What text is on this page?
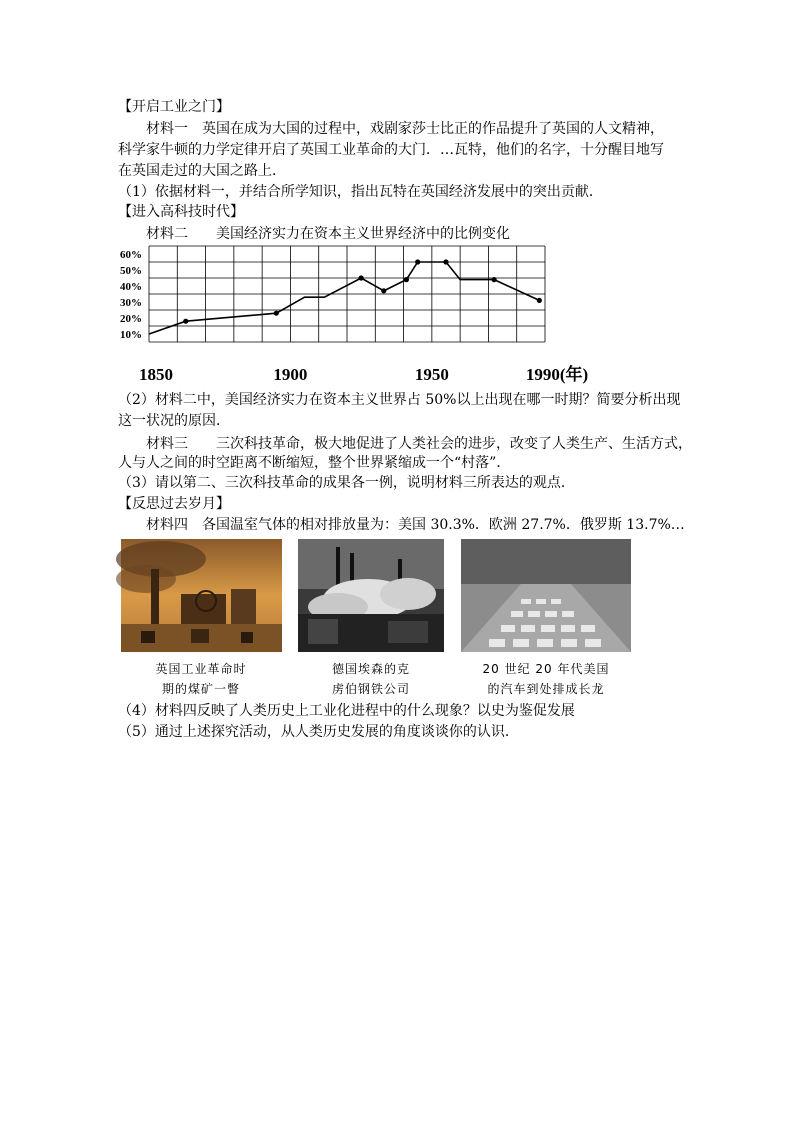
【开启工业之门】
材料一　英国在成为大国的过程中，戏剧家莎士比正的作品提升了英国的人文精神，
科学家牛顿的力学定律开启了英国工业革命的大门．…瓦特，他们的名字，十分醒目地写
在英国走过的大国之路上．
（1）依据材料一，并结合所学知识，指出瓦特在英国经济发展中的突出贡献．
【进入高科技时代】
材料二　　美国经济实力在资本主义世界经济中的比例变化
10%
20%
30%
40%
50%
60%
1850	1900	1950	1990(年)
（2）材料二中，美国经济实力在资本主义世界占 50%以上出现在哪一时期？简要分析出现
这一状况的原因．
材料三　　三次科技革命，极大地促进了人类社会的进步，改变了人类生产、生活方式，
人与人之间的时空距离不断缩短，整个世界紧缩成一个“村落”．
（3）请以第二、三次科技革命的成果各一例，说明材料三所表达的观点．
【反思过去岁月】
材料四　各国温室气体的相对排放量为：美国 30.3%．欧洲 27.7%．俄罗斯 13.7%…
英国工业革命时
期的煤矿一瞥
德国埃森的克
虏伯钢铁公司
20 世纪 20 年代美国
的汽车到处排成长龙
（4）材料四反映了人类历史上工业化进程中的什么现象？以史为鉴促发展
（5）通过上述探究活动，从人类历史发展的角度谈谈你的认识．
